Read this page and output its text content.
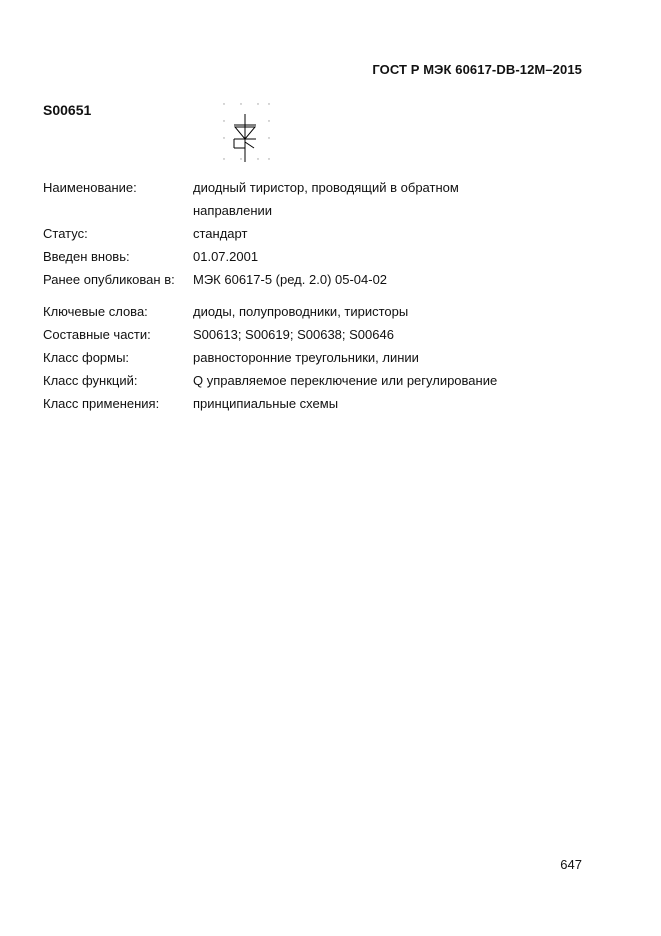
ГОСТ Р МЭК 60617-DB-12M–2015
S00651
Наименование:	диодный тиристор, проводящий в обратном
направлении
Статус:	стандарт
Введен вновь:	01.07.2001
Ранее опубликован в:	МЭК 60617-5 (ред. 2.0) 05-04-02
Ключевые слова:	диоды, полупроводники, тиристоры
Составные части:	S00613; S00619; S00638; S00646
Класс формы:	равносторонние треугольники, линии
Класс функций:	Q управляемое переключение или регулирование
Класс применения:	принципиальные схемы
647
